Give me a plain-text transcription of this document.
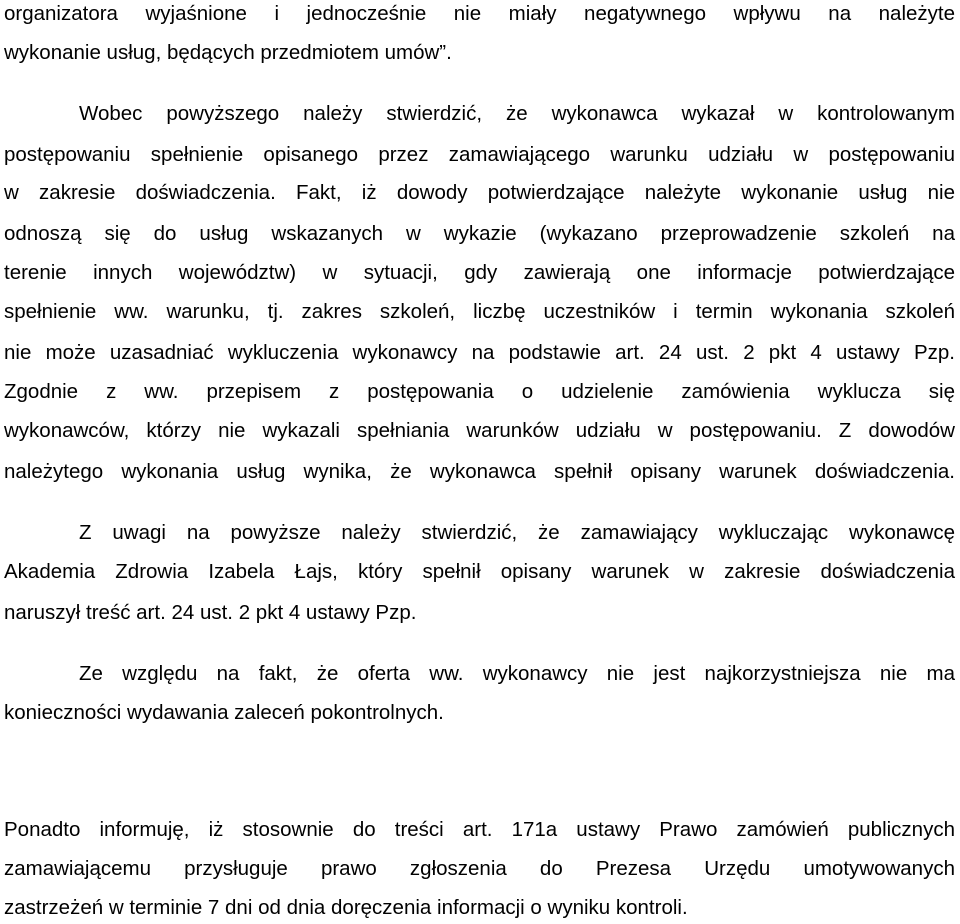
organizatora wyjaśnione i jednocześnie nie miały negatywnego wpływu na należyte
wykonanie usług, będących przedmiotem umów”.
Wobec powyższego należy stwierdzić, że wykonawca wykazał w kontrolowanym
postępowaniu spełnienie opisanego przez zamawiającego warunku udziału w postępowaniu
w zakresie doświadczenia. Fakt, iż dowody potwierdzające należyte wykonanie usług nie
odnoszą się do usług wskazanych w wykazie (wykazano przeprowadzenie szkoleń na
terenie innych województw) w sytuacji, gdy zawierają one informacje potwierdzające
spełnienie ww. warunku, tj. zakres szkoleń, liczbę uczestników i termin wykonania szkoleń
nie może uzasadniać wykluczenia wykonawcy na podstawie art. 24 ust. 2 pkt 4 ustawy Pzp.
Zgodnie z ww. przepisem z postępowania o udzielenie zamówienia wyklucza się
wykonawców, którzy nie wykazali spełniania warunków udziału w postępowaniu. Z dowodów
należytego wykonania usług wynika, że wykonawca spełnił opisany warunek doświadczenia.
Z uwagi na powyższe należy stwierdzić, że zamawiający wykluczając wykonawcę
Akademia Zdrowia Izabela Łajs, który spełnił opisany warunek w zakresie doświadczenia
naruszył treść art. 24 ust. 2 pkt 4 ustawy Pzp.
Ze względu na fakt, że oferta ww. wykonawcy nie jest najkorzystniejsza nie ma
konieczności wydawania zaleceń pokontrolnych.
Ponadto informuję, iż stosownie do treści art. 171a ustawy Prawo zamówień publicznych
zamawiającemu przysługuje prawo zgłoszenia do Prezesa Urzędu umotywowanych
zastrzeżeń w terminie 7 dni od dnia doręczenia informacji o wyniku kontroli.
